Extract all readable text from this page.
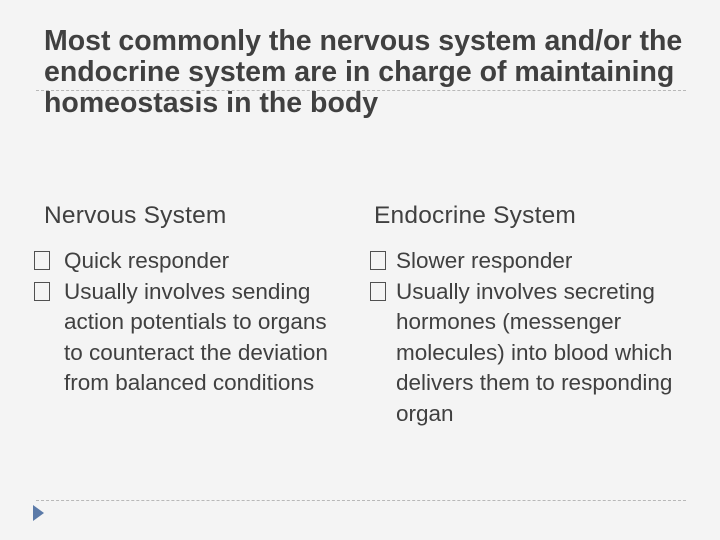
Most commonly the nervous system and/or the endocrine system are in charge of maintaining homeostasis in the body
Nervous System
Quick responder
Usually involves sending action potentials to organs to counteract the deviation from balanced conditions
Endocrine System
Slower responder
Usually involves secreting hormones (messenger molecules) into blood which delivers them to responding organ
